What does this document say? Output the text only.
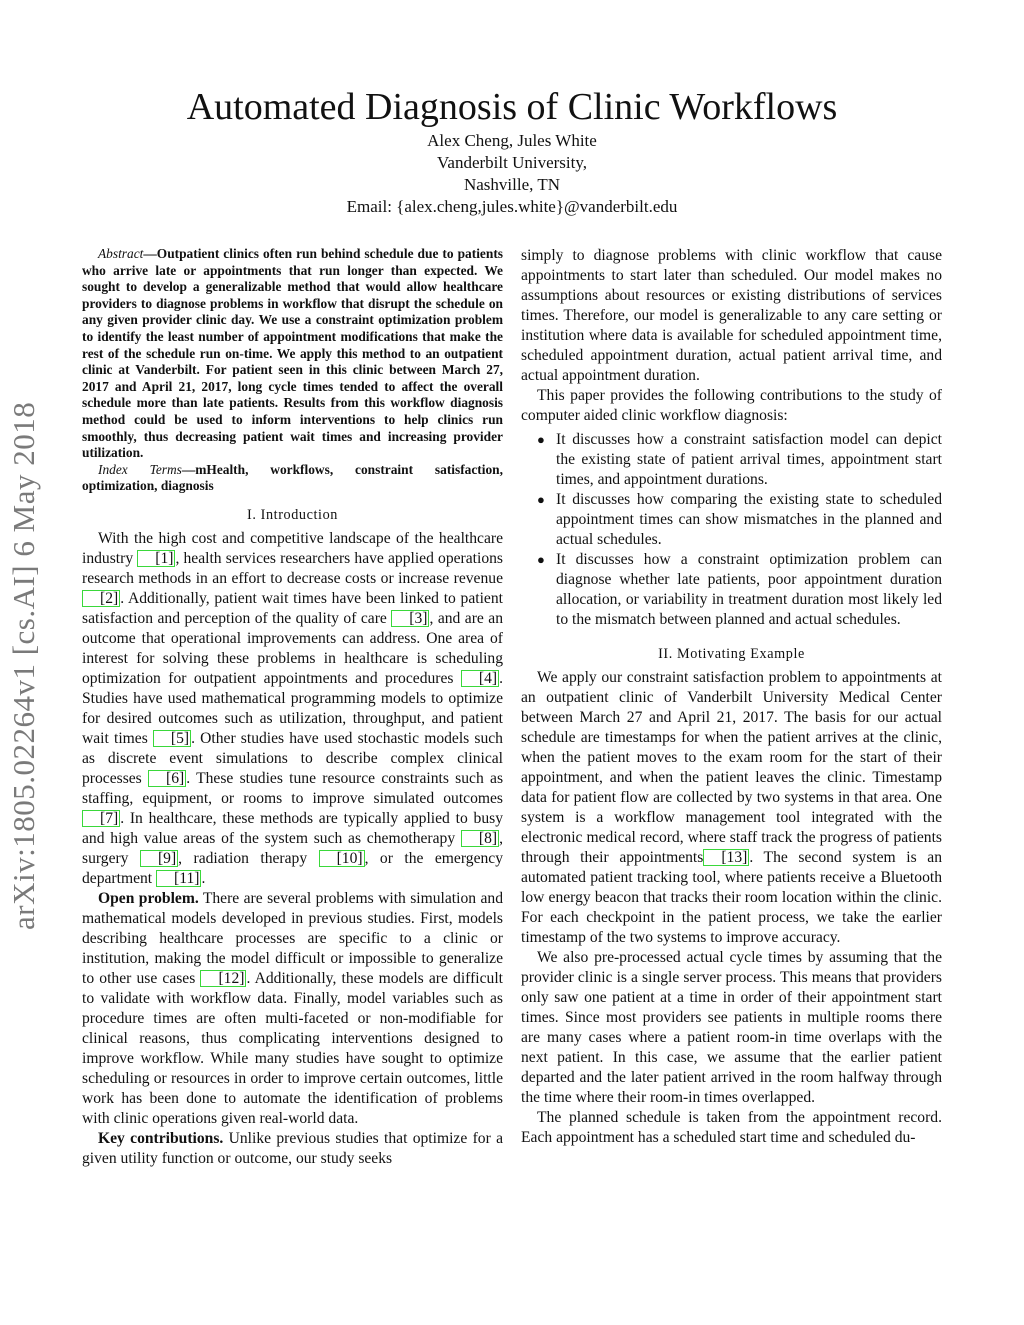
arXiv:1805.02264v1 [cs.AI] 6 May 2018
Automated Diagnosis of Clinic Workflows
Alex Cheng, Jules White
Vanderbilt University,
Nashville, TN
Email: {alex.cheng,jules.white}@vanderbilt.edu

Abstract—Outpatient clinics often run behind schedule due to patients who arrive late or appointments that run longer than expected. We sought to develop a generalizable method that would allow healthcare providers to diagnose problems in workflow that disrupt the schedule on any given provider clinic day. We use a constraint optimization problem to identify the least number of appointment modifications that make the rest of the schedule run on-time. We apply this method to an outpatient clinic at Vanderbilt. For patient seen in this clinic between March 27, 2017 and April 21, 2017, long cycle times tended to affect the overall schedule more than late patients. Results from this workflow diagnosis method could be used to inform interventions to help clinics run smoothly, thus decreasing patient wait times and increasing provider utilization.

Index Terms—mHealth, workflows, constraint satisfaction, optimization, diagnosis

I. Introduction

With the high cost and competitive landscape of the healthcare industry [1] , health services researchers have applied operations research methods in an effort to decrease costs or increase revenue [2] . Additionally, patient wait times have been linked to patient satisfaction and perception of the quality of care [3] , and are an outcome that operational improvements can address. One area of interest for solving these problems in healthcare is scheduling optimization for outpatient appointments and procedures [4] . Studies have used mathematical programming models to optimize for desired outcomes such as utilization, throughput, and patient wait times [5] . Other studies have used stochastic models such as discrete event simulations to describe complex clinical processes [6] . These studies tune resource constraints such as staffing, equipment, or rooms to improve simulated outcomes [7] . In healthcare, these methods are typically applied to busy and high value areas of the system such as chemotherapy [8] , surgery [9] , radiation therapy [10] , or the emergency department [11] .

Open problem. There are several problems with simulation and mathematical models developed in previous studies. First, models describing healthcare processes are specific to a clinic or institution, making the model difficult or impossible to generalize to other use cases [12] . Additionally, these models are difficult to validate with workflow data. Finally, model variables such as procedure times are often multi-faceted or non-modifiable for clinical reasons, thus complicating interventions designed to improve workflow. While many studies have sought to optimize scheduling or resources in order to improve certain outcomes, little work has been done to automate the identification of problems with clinic operations given real-world data.

Key contributions. Unlike previous studies that optimize for a given utility function or outcome, our study seeks

simply to diagnose problems with clinic workflow that cause appointments to start later than scheduled. Our model makes no assumptions about resources or existing distributions of services times. Therefore, our model is generalizable to any care setting or institution where data is available for scheduled appointment time, scheduled appointment duration, actual patient arrival time, and actual appointment duration.

This paper provides the following contributions to the study of computer aided clinic workflow diagnosis:

● It discusses how a constraint satisfaction model can depict the existing state of patient arrival times, appointment start times, and appointment durations.
● It discusses how comparing the existing state to scheduled appointment times can show mismatches in the planned and actual schedules.
● It discusses how a constraint optimization problem can diagnose whether late patients, poor appointment duration allocation, or variability in treatment duration most likely led to the mismatch between planned and actual schedules.
II. Motivating Example

We apply our constraint satisfaction problem to appointments at an outpatient clinic of Vanderbilt University Medical Center between March 27 and April 21, 2017. The basis for our actual schedule are timestamps for when the patient arrives at the clinic, when the patient moves to the exam room for the start of their appointment, and when the patient leaves the clinic. Timestamp data for patient flow are collected by two systems in that area. One system is a workflow management tool integrated with the electronic medical record, where staff track the progress of patients through their appointments [13] . The second system is an automated patient tracking tool, where patients receive a Bluetooth low energy beacon that tracks their room location within the clinic. For each checkpoint in the patient process, we take the earlier timestamp of the two systems to improve accuracy.

We also pre-processed actual cycle times by assuming that the provider clinic is a single server process. This means that providers only saw one patient at a time in order of their appointment start times. Since most providers see patients in multiple rooms there are many cases where a patient room-in time overlaps with the next patient. In this case, we assume that the earlier patient departed and the later patient arrived in the room halfway through the time where their room-in times overlapped.

The planned schedule is taken from the appointment record. Each appointment has a scheduled start time and scheduled du-
